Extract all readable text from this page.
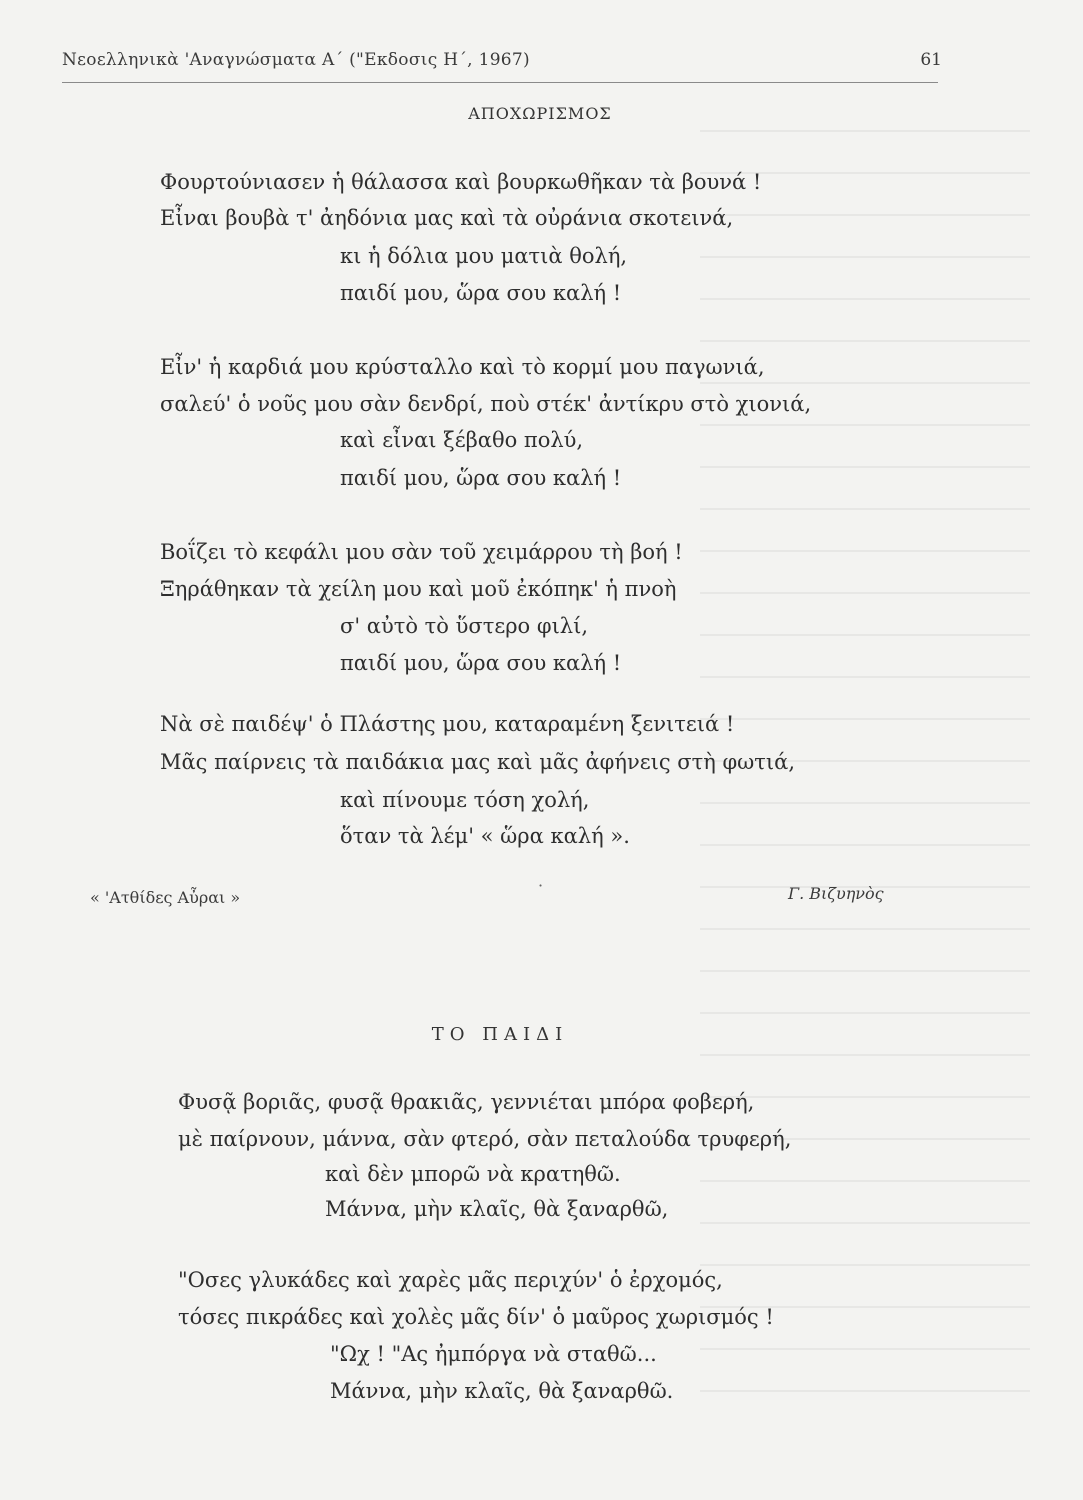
Νεοελληνικὰ 'Αναγνώσματα Α΄ ("Εκδοσις Η΄, 1967)	61
ΑΠΟΧΩΡΙΣΜΟΣ
Φουρτούνιασεν ἡ θάλασσα καὶ βουρκωθῆκαν τὰ βουνά !
Εἶναι βουβὰ τ' ἀηδόνια μας καὶ τὰ οὐράνια σκοτεινά,
κι ἡ δόλια μου ματιὰ θολή,
παιδί μου, ὥρα σου καλή !
Εἶν' ἡ καρδιά μου κρύσταλλο καὶ τὸ κορμί μου παγωνιά,
σαλεύ' ὁ νοῦς μου σὰν δενδρί, ποὺ στέκ' ἀντίκρυ στὸ χιονιά,
καὶ εἶναι ξέβαθο πολύ,
παιδί μου, ὥρα σου καλή !
Βοΐζει τὸ κεφάλι μου σὰν τοῦ χειμάρρου τὴ βοή !
Ξηράθηκαν τὰ χείλη μου καὶ μοῦ ἐκόπηκ' ἡ πνοὴ
σ' αὐτὸ τὸ ὕστερο φιλί,
παιδί μου, ὥρα σου καλή !
Νὰ σὲ παιδέψ' ὁ Πλάστης μου, καταραμένη ξενιτειά !
Μᾶς παίρνεις τὰ παιδάκια μας καὶ μᾶς ἀφήνεις στὴ φωτιά,
καὶ πίνουμε τόση χολή,
ὅταν τὰ λέμ' « ὥρα καλή ».
« 'Ατθίδες Αὖραι »
·	Γ. Βιζυηνὸς
ΤΟ ΠΑΙΔΙ
Φυσᾷ βοριᾶς, φυσᾷ θρακιᾶς, γεννιέται μπόρα φοβερή,
μὲ παίρνουν, μάννα, σὰν φτερό, σὰν πεταλούδα τρυφερή,
καὶ δὲν μπορῶ νὰ κρατηθῶ.
Μάννα, μὴν κλαῖς, θὰ ξαναρθῶ,
"Οσες γλυκάδες καὶ χαρὲς μᾶς περιχύν' ὁ ἐρχομός,
τόσες πικράδες καὶ χολὲς μᾶς δίν' ὁ μαῦρος χωρισμός !
"Ωχ ! "Ας ἠμπόργα νὰ σταθῶ...
Μάννα, μὴν κλαῖς, θὰ ξαναρθῶ.
